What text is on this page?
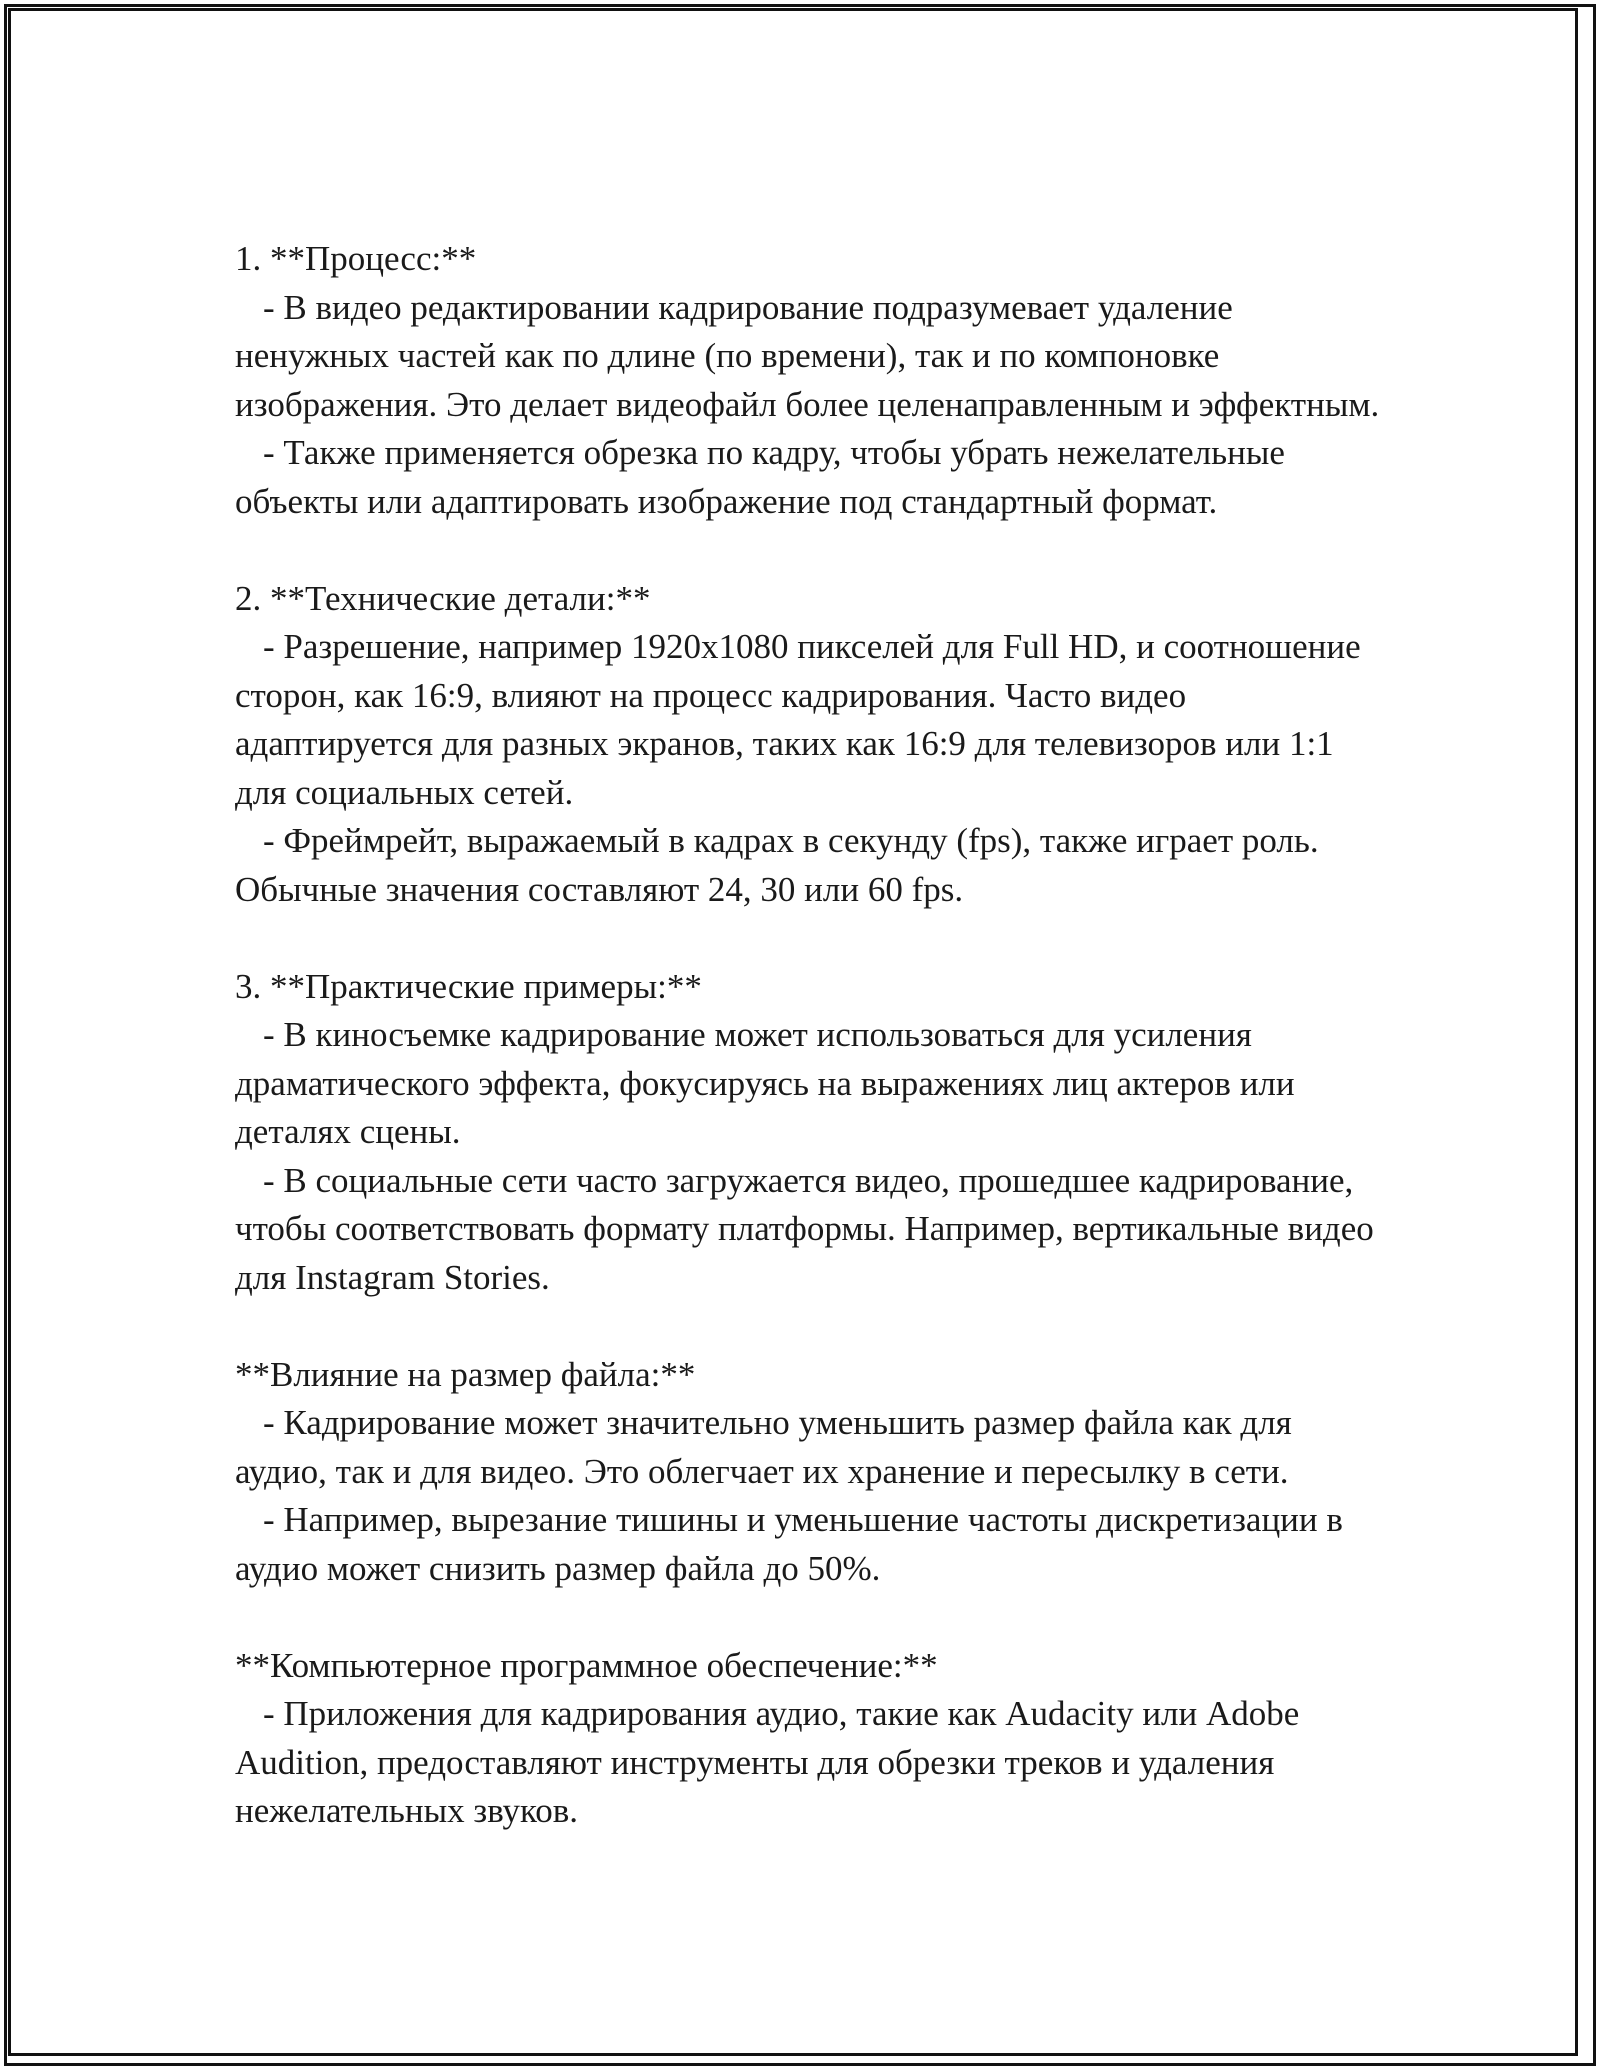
1. **Процесс:**
- В видео редактировании кадрирование подразумевает удаление ненужных частей как по длине (по времени), так и по компоновке изображения. Это делает видеофайл более целенаправленным и эффектным.
- Также применяется обрезка по кадру, чтобы убрать нежелательные объекты или адаптировать изображение под стандартный формат.
2. **Технические детали:**
- Разрешение, например 1920x1080 пикселей для Full HD, и соотношение сторон, как 16:9, влияют на процесс кадрирования. Часто видео адаптируется для разных экранов, таких как 16:9 для телевизоров или 1:1 для социальных сетей.
- Фреймрейт, выражаемый в кадрах в секунду (fps), также играет роль. Обычные значения составляют 24, 30 или 60 fps.
3. **Практические примеры:**
- В киносъемке кадрирование может использоваться для усиления драматического эффекта, фокусируясь на выражениях лиц актеров или деталях сцены.
- В социальные сети часто загружается видео, прошедшее кадрирование, чтобы соответствовать формату платформы. Например, вертикальные видео для Instagram Stories.
**Влияние на размер файла:**
- Кадрирование может значительно уменьшить размер файла как для аудио, так и для видео. Это облегчает их хранение и пересылку в сети.
- Например, вырезание тишины и уменьшение частоты дискретизации в аудио может снизить размер файла до 50%.
**Компьютерное программное обеспечение:**
- Приложения для кадрирования аудио, такие как Audacity или Adobe Audition, предоставляют инструменты для обрезки треков и удаления нежелательных звуков.
